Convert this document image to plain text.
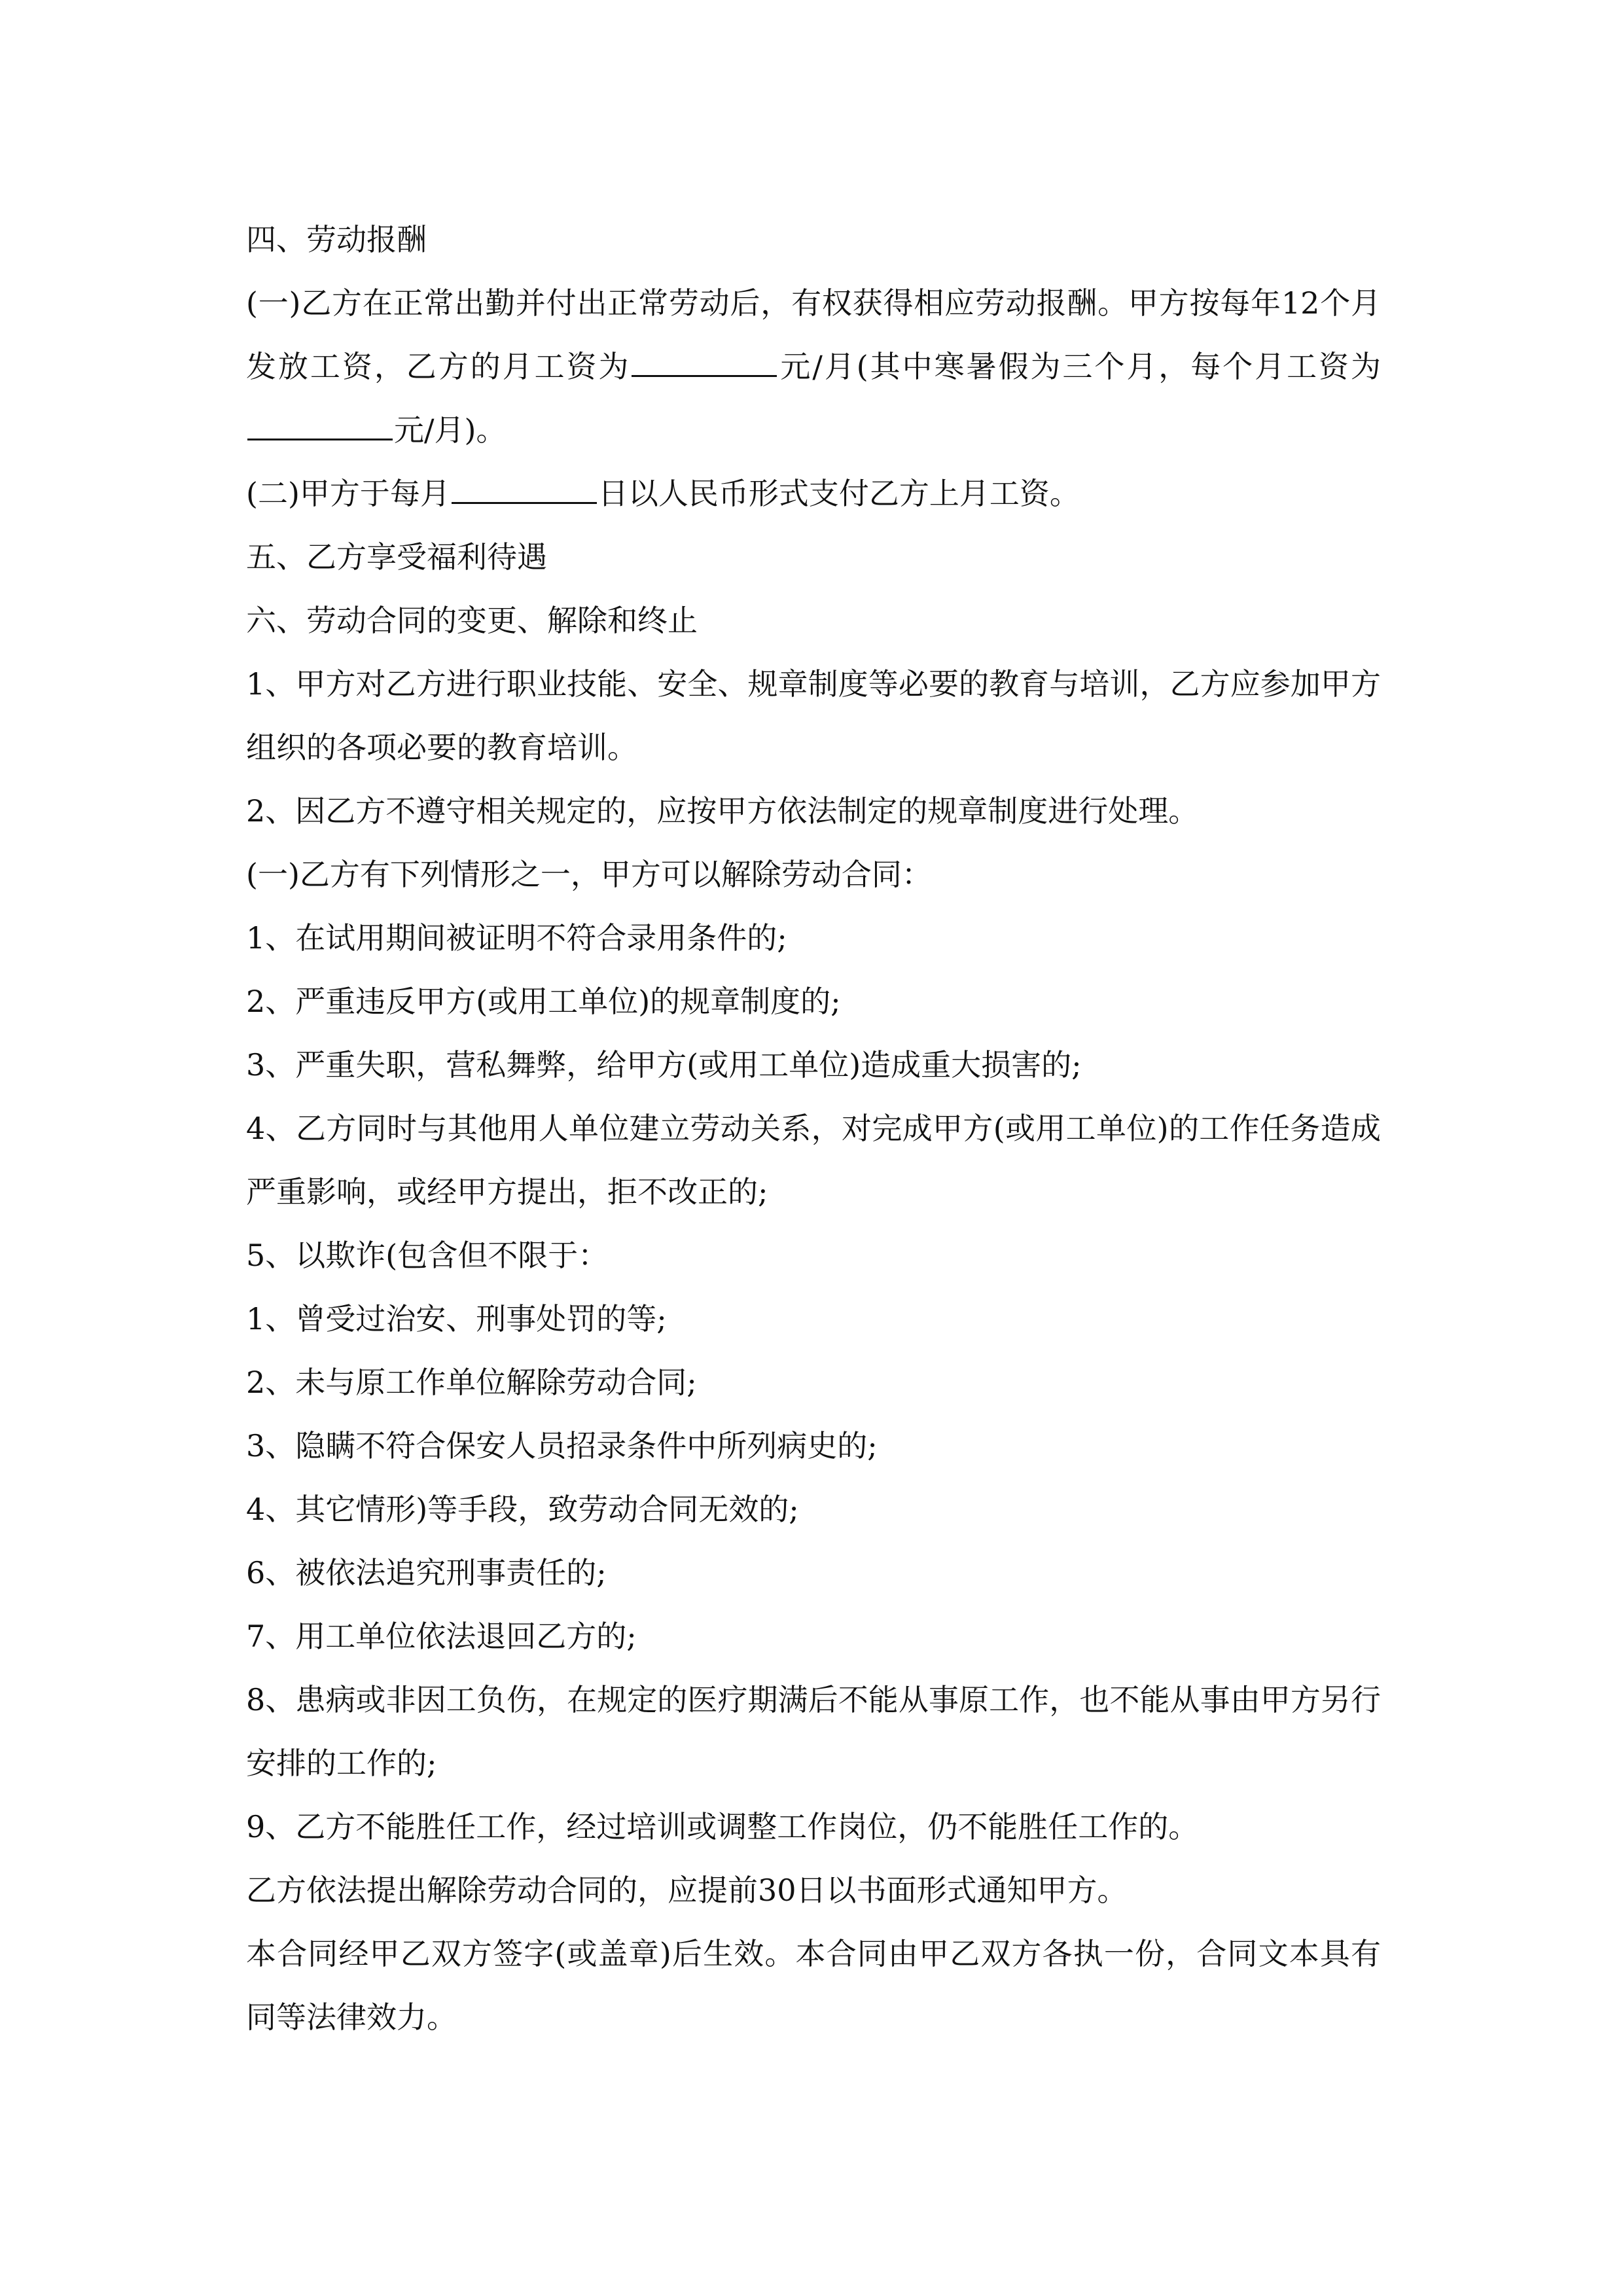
四、劳动报酬

(一)乙方在正常出勤并付出正常劳动后，有权获得相应劳动报酬。甲方按每年12个月发放工资，乙方的月工资为	元/月(其中寒暑假为三个月，每个月工资为元/月)。

(二)甲方于每月	日以人民币形式支付乙方上月工资。

五、乙方享受福利待遇

六、劳动合同的变更、解除和终止

1、甲方对乙方进行职业技能、安全、规章制度等必要的教育与培训，乙方应参加甲方组织的各项必要的教育培训。

2、因乙方不遵守相关规定的，应按甲方依法制定的规章制度进行处理。

(一)乙方有下列情形之一，甲方可以解除劳动合同：

1、在试用期间被证明不符合录用条件的;

2、严重违反甲方(或用工单位)的规章制度的;

3、严重失职，营私舞弊，给甲方(或用工单位)造成重大损害的;

4、乙方同时与其他用人单位建立劳动关系，对完成甲方(或用工单位)的工作任务造成严重影响，或经甲方提出，拒不改正的;

5、以欺诈(包含但不限于：

1、曾受过治安、刑事处罚的等;

2、未与原工作单位解除劳动合同;

3、隐瞒不符合保安人员招录条件中所列病史的;

4、其它情形)等手段，致劳动合同无效的;

6、被依法追究刑事责任的;

7、用工单位依法退回乙方的;

8、患病或非因工负伤，在规定的医疗期满后不能从事原工作，也不能从事由甲方另行安排的工作的;

9、乙方不能胜任工作，经过培训或调整工作岗位，仍不能胜任工作的。

乙方依法提出解除劳动合同的，应提前30日以书面形式通知甲方。

本合同经甲乙双方签字(或盖章)后生效。本合同由甲乙双方各执一份，合同文本具有同等法律效力。
